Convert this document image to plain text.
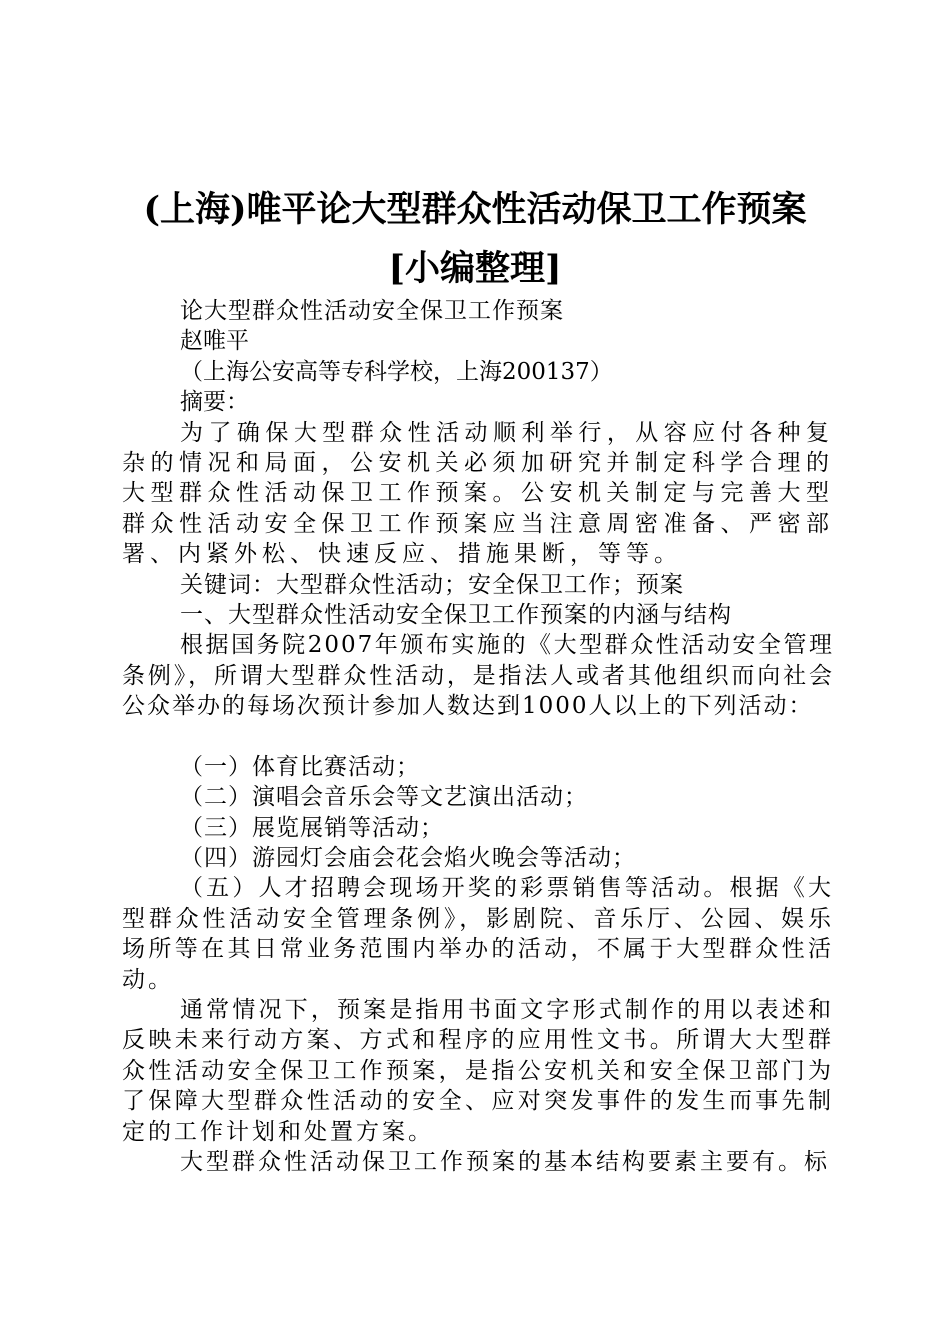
(上海)唯平论大型群众性活动保卫工作预案
[小编整理]

论大型群众性活动安全保卫工作预案

赵唯平

（上海公安高等专科学校，上海200137）

摘要：

为了确保大型群众性活动顺利举行，从容应付各种复杂的情况和局面，公安机关必须加研究并制定科学合理的大型群众性活动保卫工作预案。公安机关制定与完善大型群众性活动安全保卫工作预案应当注意周密准备、严密部署、内紧外松、快速反应、措施果断，等等。

关键词：大型群众性活动；安全保卫工作；预案

一、大型群众性活动安全保卫工作预案的内涵与结构

根据国务院2007年颁布实施的《大型群众性活动安全管理条例》，所谓大型群众性活动，是指法人或者其他组织而向社会公众举办的每场次预计参加人数达到1000人以上的下列活动：

（一）体育比赛活动；

（二）演唱会音乐会等文艺演出活动；

（三）展览展销等活动；

（四）游园灯会庙会花会焰火晚会等活动；

（五）人才招聘会现场开奖的彩票销售等活动。根据《大型群众性活动安全管理条例》，影剧院、音乐厅、公园、娱乐场所等在其日常业务范围内举办的活动，不属于大型群众性活动。

通常情况下，预案是指用书面文字形式制作的用以表述和反映未来行动方案、方式和程序的应用性文书。所谓大大型群众性活动安全保卫工作预案，是指公安机关和安全保卫部门为了保障大型群众性活动的安全、应对突发事件的发生而事先制定的工作计划和处置方案。

大型群众性活动保卫工作预案的基本结构要素主要有。标
